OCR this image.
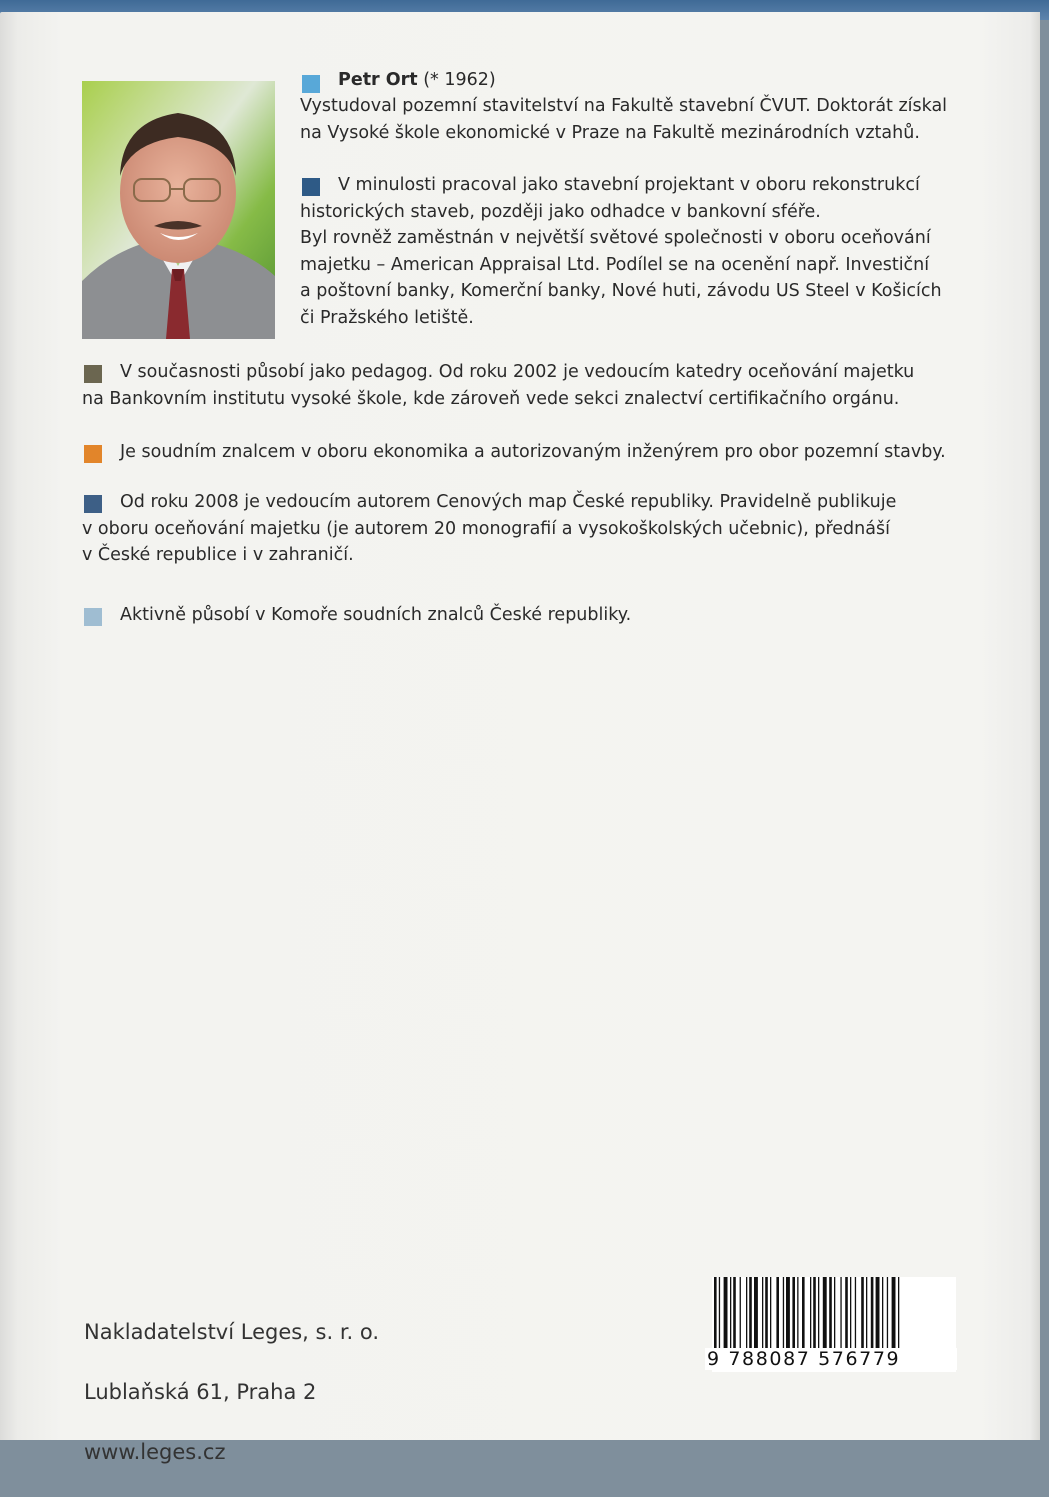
Petr Ort (* 1962)

Vystudoval pozemní stavitelství na Fakultě stavební ČVUT. Doktorát získal
na Vysoké škole ekonomické v Praze na Fakultě mezinárodních vztahů.

V minulosti pracoval jako stavební projektant v oboru rekonstrukcí
historických staveb, později jako odhadce v bankovní sféře.
Byl rovněž zaměstnán v největší světové společnosti v oboru oceňování
majetku – American Appraisal Ltd. Podílel se na ocenění např. Investiční
a poštovní banky, Komerční banky, Nové huti, závodu US Steel v Košicích
či Pražského letiště.

V současnosti působí jako pedagog. Od roku 2002 je vedoucím katedry oceňování majetku
na Bankovním institutu vysoké škole, kde zároveň vede sekci znalectví certifikačního orgánu.

Je soudním znalcem v oboru ekonomika a autorizovaným inženýrem pro obor pozemní stavby.

Od roku 2008 je vedoucím autorem Cenových map České republiky. Pravidelně publikuje
v oboru oceňování majetku (je autorem 20 monografií a vysokoškolských učebnic), přednáší
v České republice i v zahraničí.

Aktivně působí v Komoře soudních znalců České republiky.

Nakladatelství Leges, s. r. o.

Lublaňská 61, Praha 2

www.leges.cz

9 788087 576779
